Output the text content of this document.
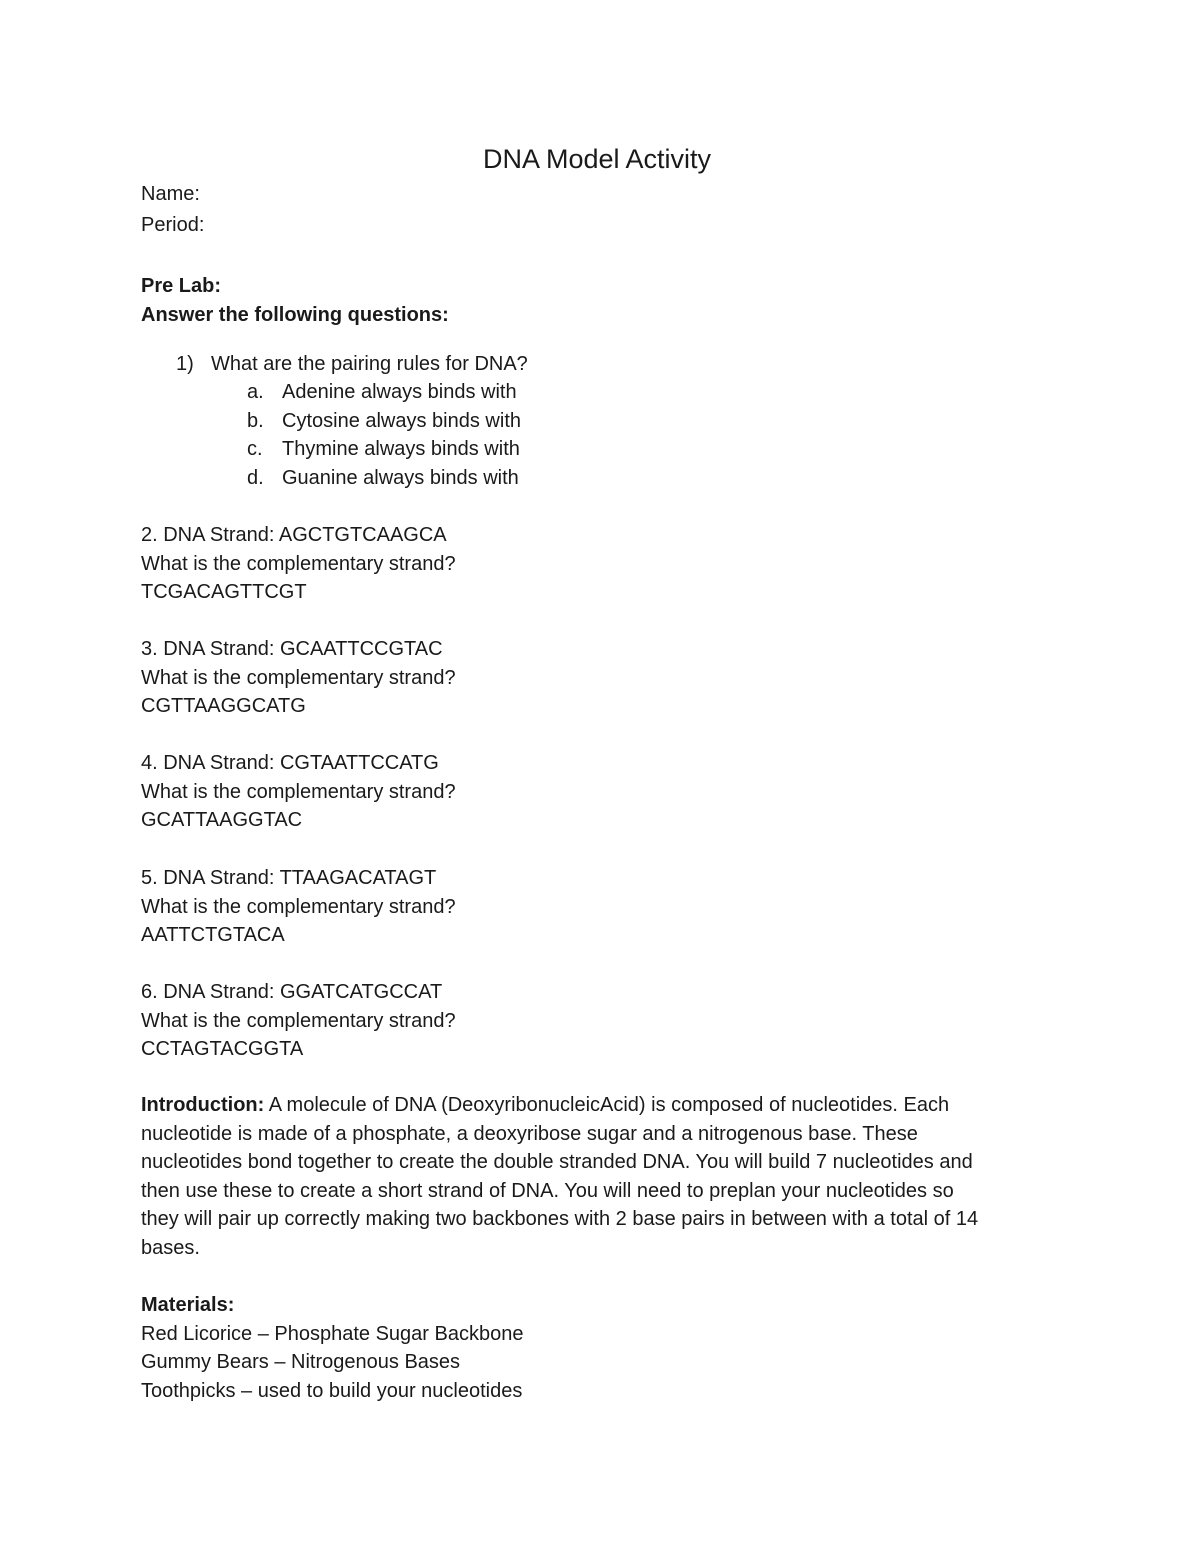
DNA Model Activity
Name:
Period:
Pre Lab:
Answer the following questions:
1) What are the pairing rules for DNA?
a. Adenine always binds with
b. Cytosine always binds with
c. Thymine always binds with
d. Guanine always binds with
2. DNA Strand: AGCTGTCAAGCA
What is the complementary strand?
TCGACAGTTCGT
3. DNA Strand: GCAATTCCGTAC
What is the complementary strand?
CGTTAAGGCATG
4. DNA Strand: CGTAATTCCATG
What is the complementary strand?
GCATTAAGGTAC
5. DNA Strand: TTAAGACATAGT
What is the complementary strand?
AATTCTGTACA
6. DNA Strand: GGATCATGCCAT
What is the complementary strand?
CCTAGTACGGTA
Introduction: A molecule of DNA (DeoxyribonucleicAcid) is composed of nucleotides. Each
nucleotide is made of a phosphate, a deoxyribose sugar and a nitrogenous base. These
nucleotides bond together to create the double stranded DNA. You will build 7 nucleotides and
then use these to create a short strand of DNA. You will need to preplan your nucleotides so
they will pair up correctly making two backbones with 2 base pairs in between with a total of 14
bases.
Materials:
Red Licorice – Phosphate Sugar Backbone
Gummy Bears – Nitrogenous Bases
Toothpicks – used to build your nucleotides
